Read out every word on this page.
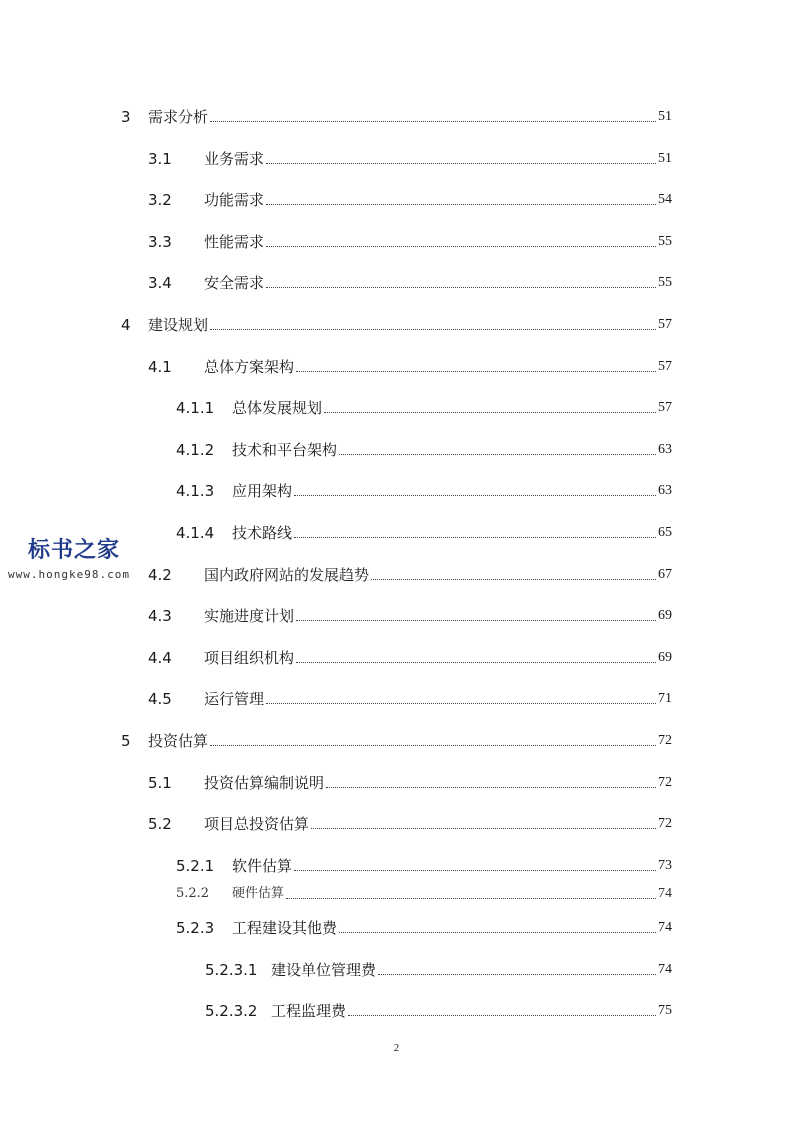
3	需求分析	51
3.1	业务需求	51
3.2	功能需求	54
3.3	性能需求	55
3.4	安全需求	55
4	建设规划	57
4.1	总体方案架构	57
4.1.1	总体发展规划	57
4.1.2	技术和平台架构	63
4.1.3	应用架构	63
4.1.4	技术路线	65
4.2	国内政府网站的发展趋势	67
4.3	实施进度计划	69
4.4	项目组织机构	69
4.5	运行管理	71
5	投资估算	72
5.1	投资估算编制说明	72
5.2	项目总投资估算	72
5.2.1	软件估算	73
5.2.2	硬件估算	74
5.2.3	工程建设其他费	74
5.2.3.1 建设单位管理费	74
5.2.3.2 工程监理费	75
标书之家
www.hongke98.com
2
